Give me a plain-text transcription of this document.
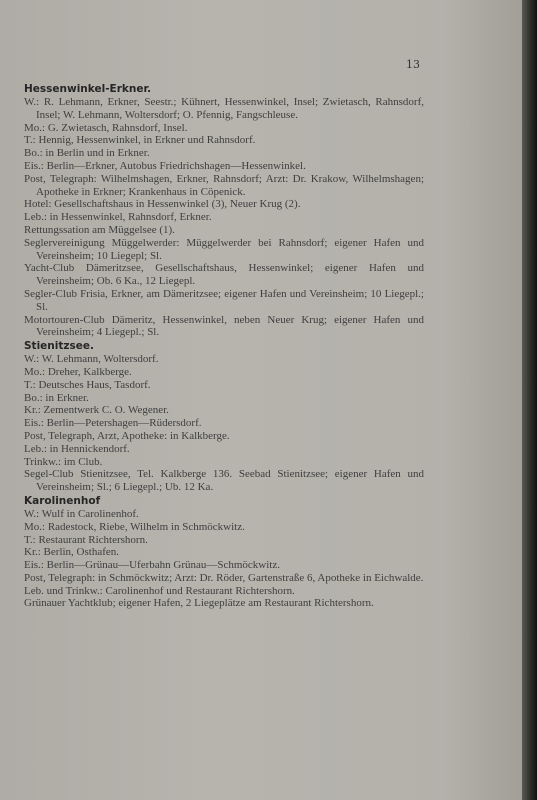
13
Hessenwinkel-Erkner.

W.: R. Lehmann, Erkner, Seestr.; Kühnert, Hessenwinkel, Insel; Zwietasch, Rahnsdorf, Insel; W. Lehmann, Woltersdorf; O. Pfennig, Fangschleuse.

Mo.: G. Zwietasch, Rahnsdorf, Insel.

T.: Hennig, Hessenwinkel, in Erkner und Rahnsdorf.

Bo.: in Berlin und in Erkner.

Eis.: Berlin—Erkner, Autobus Friedrichshagen—Hessenwinkel.

Post, Telegraph: Wilhelmshagen, Erkner, Rahnsdorf; Arzt: Dr. Krakow, Wilhelmshagen; Apotheke in Erkner; Krankenhaus in Cöpenick.

Hotel: Gesellschaftshaus in Hessenwinkel (3), Neuer Krug (2).

Leb.: in Hessenwinkel, Rahnsdorf, Erkner.

Rettungssation am Müggelsee (1).

Seglervereinigung Müggelwerder: Müggelwerder bei Rahnsdorf; eigener Hafen und Vereinsheim; 10 Liegepl; Sl.

Yacht-Club Dämeritzsee, Gesellschaftshaus, Hessenwinkel; eigener Hafen und Vereinsheim; Ob. 6 Ka., 12 Liegepl.

Segler-Club Frisia, Erkner, am Dämeritzsee; eigener Hafen und Vereinsheim; 10 Liegepl.; Sl.

Motortouren-Club Dämeritz, Hessenwinkel, neben Neuer Krug; eigener Hafen und Vereinsheim; 4 Liegepl.; Sl.

Stienitzsee.

W.: W. Lehmann, Woltersdorf.

Mo.: Dreher, Kalkberge.

T.: Deutsches Haus, Tasdorf.

Bo.: in Erkner.

Kr.: Zementwerk C. O. Wegener.

Eis.: Berlin—Petershagen—Rüdersdorf.

Post, Telegraph, Arzt, Apotheke: in Kalkberge.

Leb.: in Hennickendorf.

Trinkw.: im Club.

Segel-Club Stienitzsee, Tel. Kalkberge 136. Seebad Stienitzsee; eigener Hafen und Vereinsheim; Sl.; 6 Liegepl.; Ub. 12 Ka.

Karolinenhof

W.: Wulf in Carolinenhof.

Mo.: Radestock, Riebe, Wilhelm in Schmöckwitz.

T.: Restaurant Richtershorn.

Kr.: Berlin, Osthafen.

Eis.: Berlin—Grünau—Uferbahn Grünau—Schmöckwitz.

Post, Telegraph: in Schmöckwitz; Arzt: Dr. Röder, Gartenstraße 6, Apotheke in Eichwalde.

Leb. und Trinkw.: Carolinenhof und Restaurant Richtershorn.

Grünauer Yachtklub; eigener Hafen, 2 Liegeplätze am Restaurant Richtershorn.
